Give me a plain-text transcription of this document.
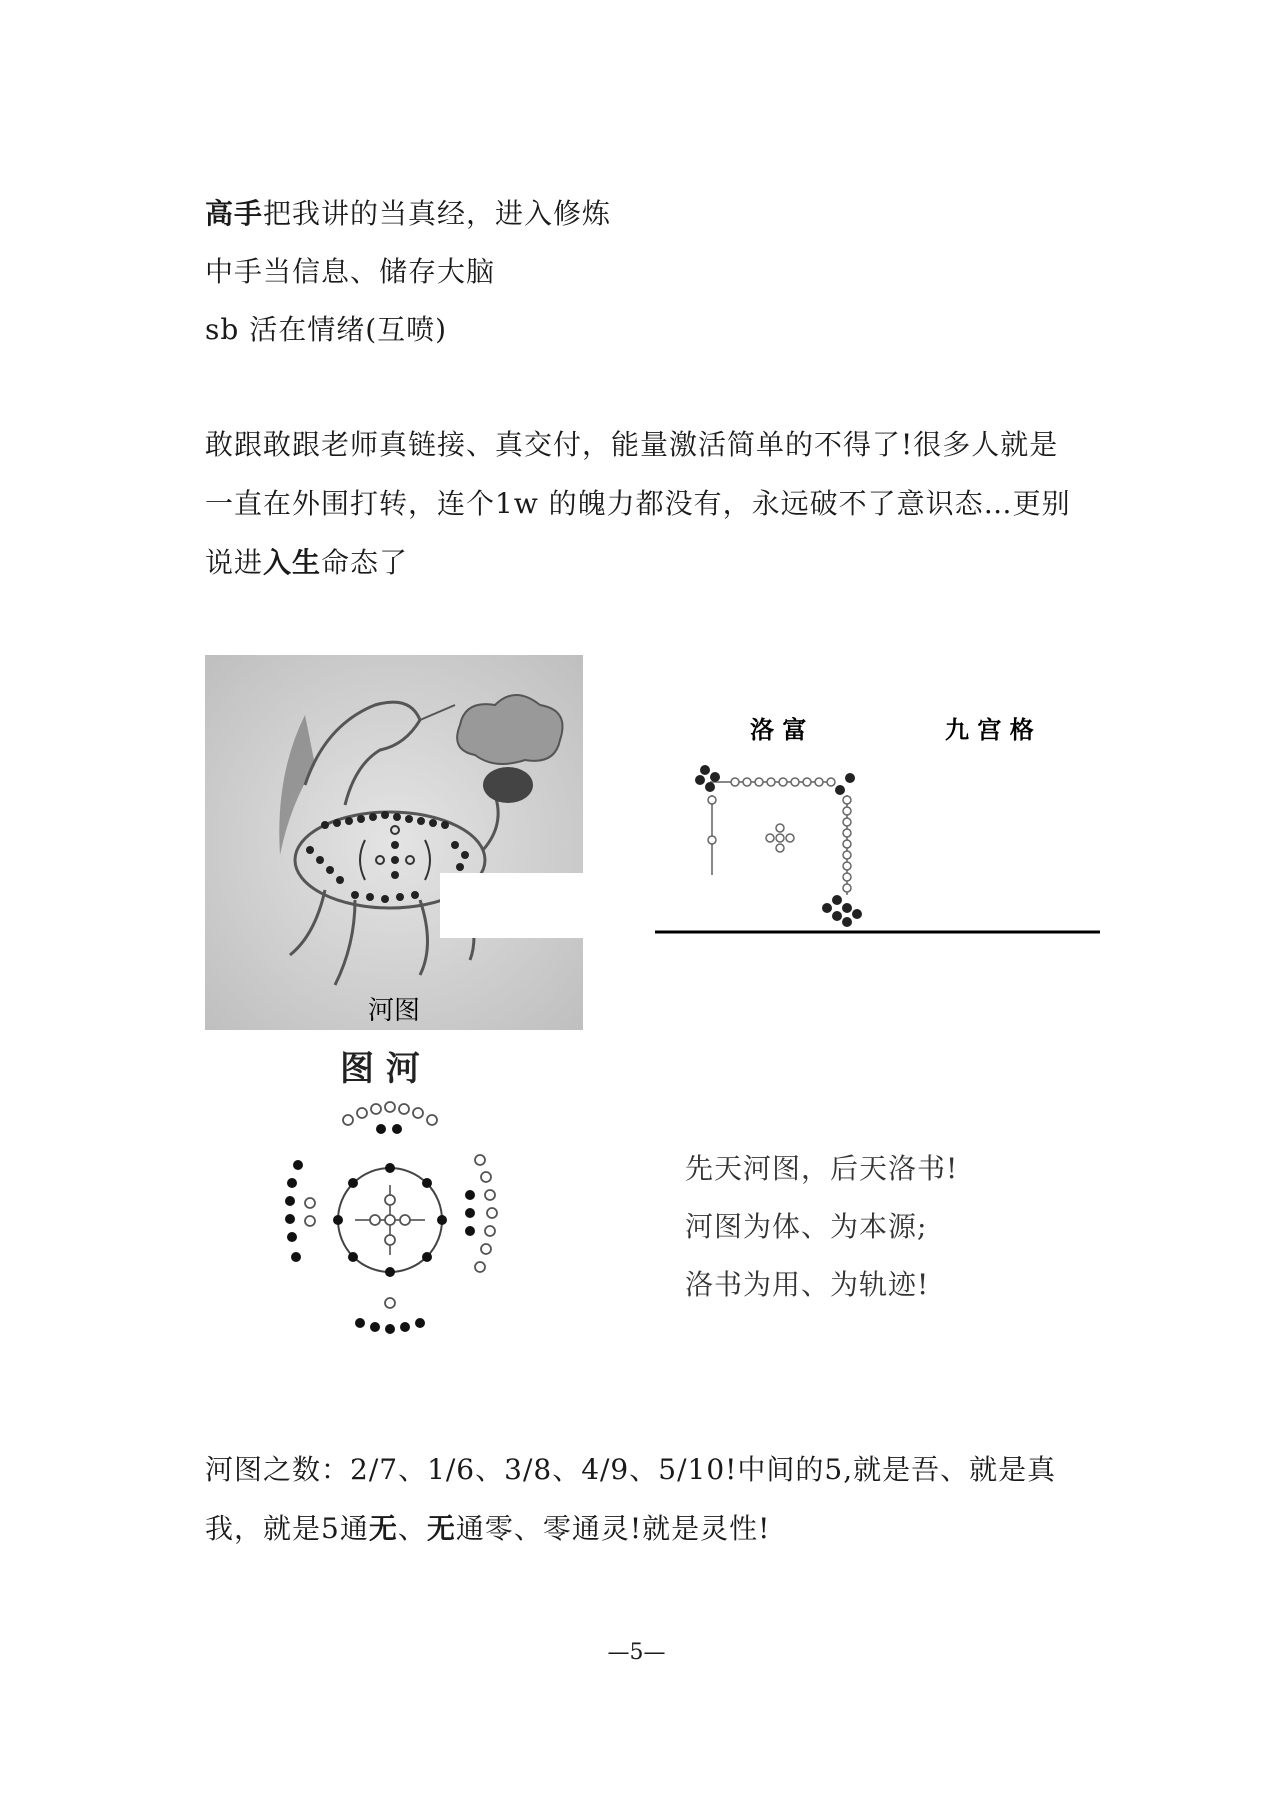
高手把我讲的当真经，进入修炼
中手当信息、储存大脑
sb 活在情绪(互喷)
敢跟敢跟老师真链接、真交付，能量激活简单的不得了!很多人就是一直在外围打转，连个1w 的魄力都没有，永远破不了意识态…更别说进入生命态了
河图
洛 富	九 宫 格
图 河
先天河图，后天洛书!
河图为体、为本源;
洛书为用、为轨迹!
河图之数：2/7、1/6、3/8、4/9、5/10!中间的5,就是吾、就是真我，就是5通无、无通零、零通灵!就是灵性!
—5—
